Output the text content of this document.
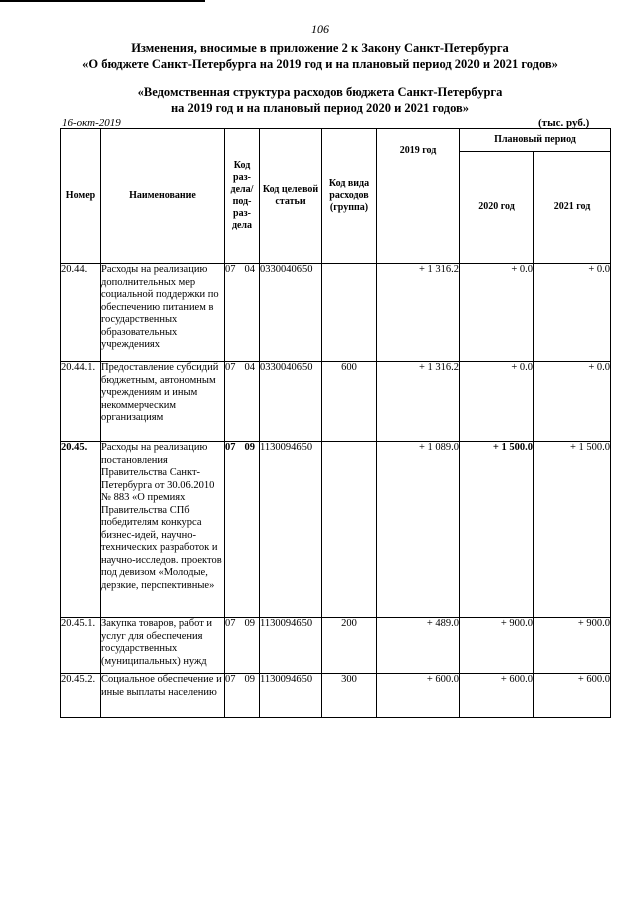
106
Изменения, вносимые в приложение 2 к Закону Санкт-Петербурга
«О бюджете Санкт-Петербурга на 2019 год и на плановый период 2020 и 2021 годов»
«Ведомственная структура расходов бюджета Санкт-Петербурга
на 2019 год и на плановый период 2020 и 2021 годов»
16-окт-2019	(тыс. руб.)
Номер	Наименование	Код раз-дела/ под-раз-дела	Код целевой статьи	Код вида расходов (группа)	2019 год	Плановый период	
						2020 год	2021 год
20.44.	Расходы на реализацию дополнительных мер социальной поддержки по обеспечению питанием в государственных образовательных учреждениях	07 04	0330040650		+ 1 316.2	+ 0.0	+ 0.0
20.44.1.	Предоставление субсидий бюджетным, автономным учреждениям и иным некоммерческим организациям	07 04	0330040650	600	+ 1 316.2	+ 0.0	+ 0.0
20.45.	Расходы на реализацию постановления Правительства Санкт-Петербурга от 30.06.2010 № 883 «О премиях Правительства СПб победителям конкурса бизнес-идей, научно-технических разработок и научно-исследов. проектов под девизом «Молодые, дерзкие, перспективные»	07 09	1130094650		+ 1 089.0	+ 1 500.0	+ 1 500.0
20.45.1.	Закупка товаров, работ и услуг для обеспечения государственных (муниципальных) нужд	07 09	1130094650	200	+ 489.0	+ 900.0	+ 900.0
20.45.2.	Социальное обеспечение и иные выплаты населению	07 09	1130094650	300	+ 600.0	+ 600.0	+ 600.0
